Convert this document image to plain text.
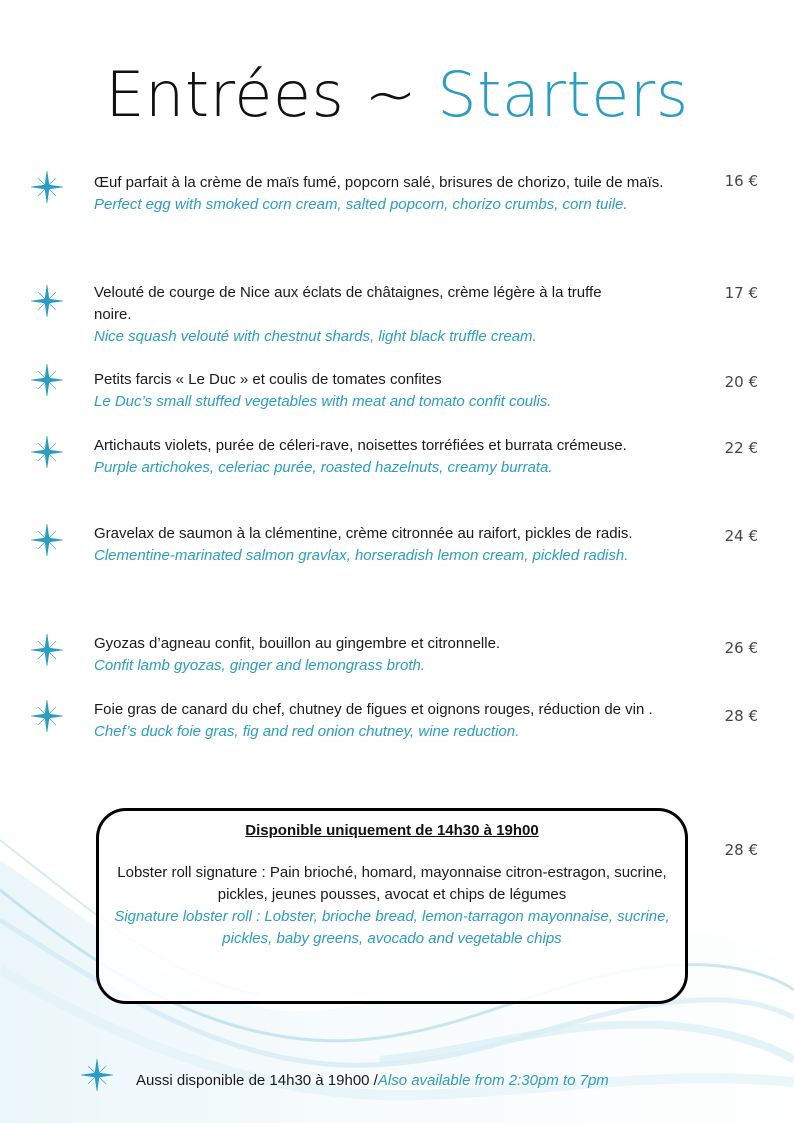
Entrées ~ Starters
Œuf parfait à la crème de maïs fumé, popcorn salé, brisures de chorizo, tuile de maïs.
Perfect egg with smoked corn cream, salted popcorn, chorizo crumbs, corn tuile.
16 €
Velouté de courge de Nice aux éclats de châtaignes, crème légère à la truffe noire.
Nice squash velouté with chestnut shards, light black truffle cream.
17 €
Petits farcis « Le Duc » et coulis de tomates confites
Le Duc’s small stuffed vegetables with meat and tomato confit coulis.
20 €
Artichauts violets, purée de céleri-rave, noisettes torréfiées et burrata crémeuse.
Purple artichokes, celeriac purée, roasted hazelnuts, creamy burrata.
22 €
Gravelax de saumon à la clémentine, crème citronnée au raifort, pickles de radis.
Clementine-marinated salmon gravlax, horseradish lemon cream, pickled radish.
24 €
Gyozas d’agneau confit, bouillon au gingembre et citronnelle.
Confit lamb gyozas, ginger and lemongrass broth.
26 €
Foie gras de canard du chef, chutney de figues et oignons rouges, réduction de vin .
Chef’s duck foie gras, fig and red onion chutney, wine reduction.
28 €
Disponible uniquement de 14h30 à 19h00
Lobster roll signature : Pain brioché, homard, mayonnaise citron-estragon, sucrine, pickles, jeunes pousses, avocat et chips de légumes
Signature lobster roll : Lobster, brioche bread, lemon-tarragon mayonnaise, sucrine, pickles, baby greens, avocado and vegetable chips
28 €
Aussi disponible de 14h30 à 19h00 /Also available from 2:30pm to 7pm
